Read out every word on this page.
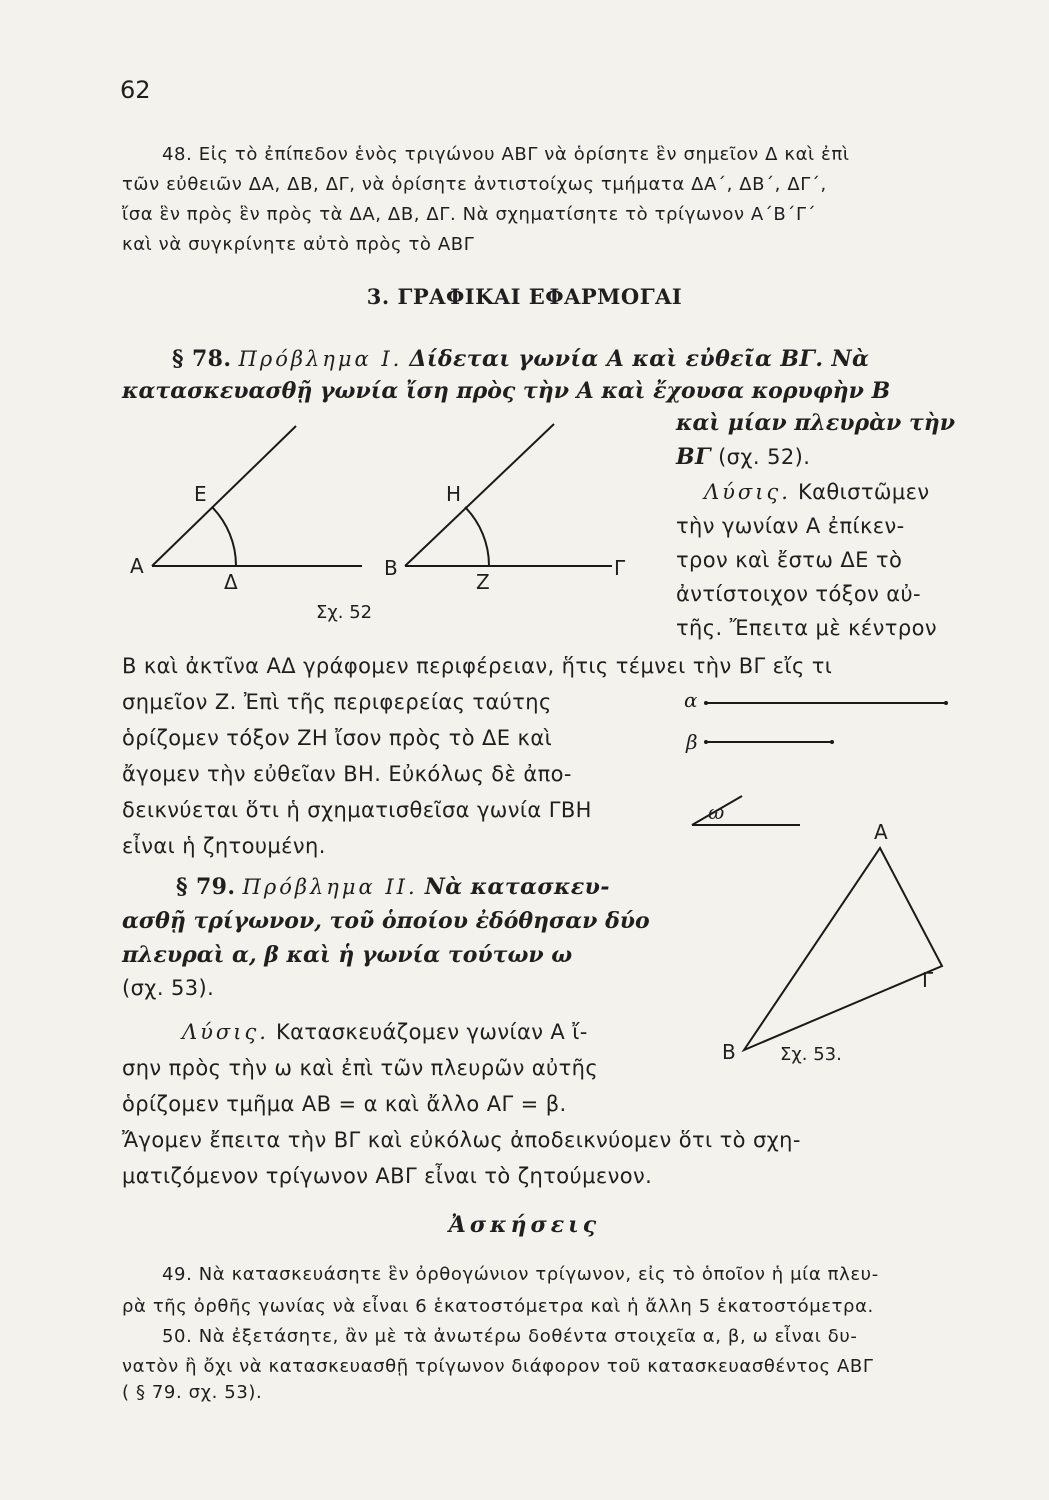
62
48. Εἰς τὸ ἐπίπεδον ἑνὸς τριγώνου ΑΒΓ νὰ ὁρίσητε ἓν σημεῖον Δ καὶ ἐπὶ
τῶν εὐθειῶν ΔΑ, ΔΒ, ΔΓ, νὰ ὁρίσητε ἀντιστοίχως τμήματα ΔΑ΄, ΔΒ΄, ΔΓ΄,
ἴσα ἓν πρὸς ἓν πρὸς τὰ ΔΑ, ΔΒ, ΔΓ. Νὰ σχηματίσητε τὸ τρίγωνον Α΄Β΄Γ΄
καὶ νὰ συγκρίνητε αὐτὸ πρὸς τὸ ΑΒΓ
3. ΓΡΑΦΙΚΑΙ ΕΦΑΡΜΟΓΑΙ
§ 78. Πρόβλημα Ι. Δίδεται γωνία Α καὶ εὐθεῖα ΒΓ. Νὰ
κατασκευασθῇ γωνία ἴση πρὸς τὴν Α καὶ ἔχουσα κορυφὴν Β
καὶ μίαν πλευρὰν τὴν
ΒΓ (σχ. 52).
Λύσις. Καθιστῶμεν
τὴν γωνίαν Α ἐπίκεν-
τρον καὶ ἔστω ΔΕ τὸ
ἀντίστοιχον τόξον αὐ-
τῆς. Ἔπειτα μὲ κέντρον
Β καὶ ἀκτῖνα ΑΔ γράφομεν περιφέρειαν, ἥτις τέμνει τὴν ΒΓ εἴς τι
σημεῖον Ζ. Ἐπὶ τῆς περιφερείας ταύτης
ὁρίζομεν τόξον ΖΗ ἴσον πρὸς τὸ ΔΕ καὶ
ἄγομεν τὴν εὐθεῖαν ΒΗ. Εὐκόλως δὲ ἀπο-
δεικνύεται ὅτι ἡ σχηματισθεῖσα γωνία ΓΒΗ
εἶναι ἡ ζητουμένη.
Ε
Α
Δ
Η
Β
Ζ
Γ
Σχ. 52
α
β
ω
Α
Γ
Β Σχ. 53.
§ 79. Πρόβλημα ΙΙ. Νὰ κατασκευ-
ασθῇ τρίγωνον, τοῦ ὁποίου ἐδόθησαν δύο
πλευραὶ α, β καὶ ἡ γωνία τούτων ω
(σχ. 53).
Λύσις. Κατασκευάζομεν γωνίαν Α ἴ-
σην πρὸς τὴν ω καὶ ἐπὶ τῶν πλευρῶν αὐτῆς
ὁρίζομεν τμῆμα ΑΒ = α καὶ ἄλλο ΑΓ = β.
Ἄγομεν ἔπειτα τὴν ΒΓ καὶ εὐκόλως ἀποδεικνύομεν ὅτι τὸ σχη-
ματιζόμενον τρίγωνον ΑΒΓ εἶναι τὸ ζητούμενον.
Ἀσκήσεις
49. Νὰ κατασκευάσητε ἓν ὀρθογώνιον τρίγωνον, εἰς τὸ ὁποῖον ἡ μία πλευ-
ρὰ τῆς ὀρθῆς γωνίας νὰ εἶναι 6 ἑκατοστόμετρα καὶ ἡ ἄλλη 5 ἑκατοστόμετρα.
50. Νὰ ἐξετάσητε, ἂν μὲ τὰ ἀνωτέρω δοθέντα στοιχεῖα α, β, ω εἶναι δυ-
νατὸν ἢ ὄχι νὰ κατασκευασθῇ τρίγωνον διάφορον τοῦ κατασκευασθέντος ΑΒΓ
( § 79. σχ. 53).
